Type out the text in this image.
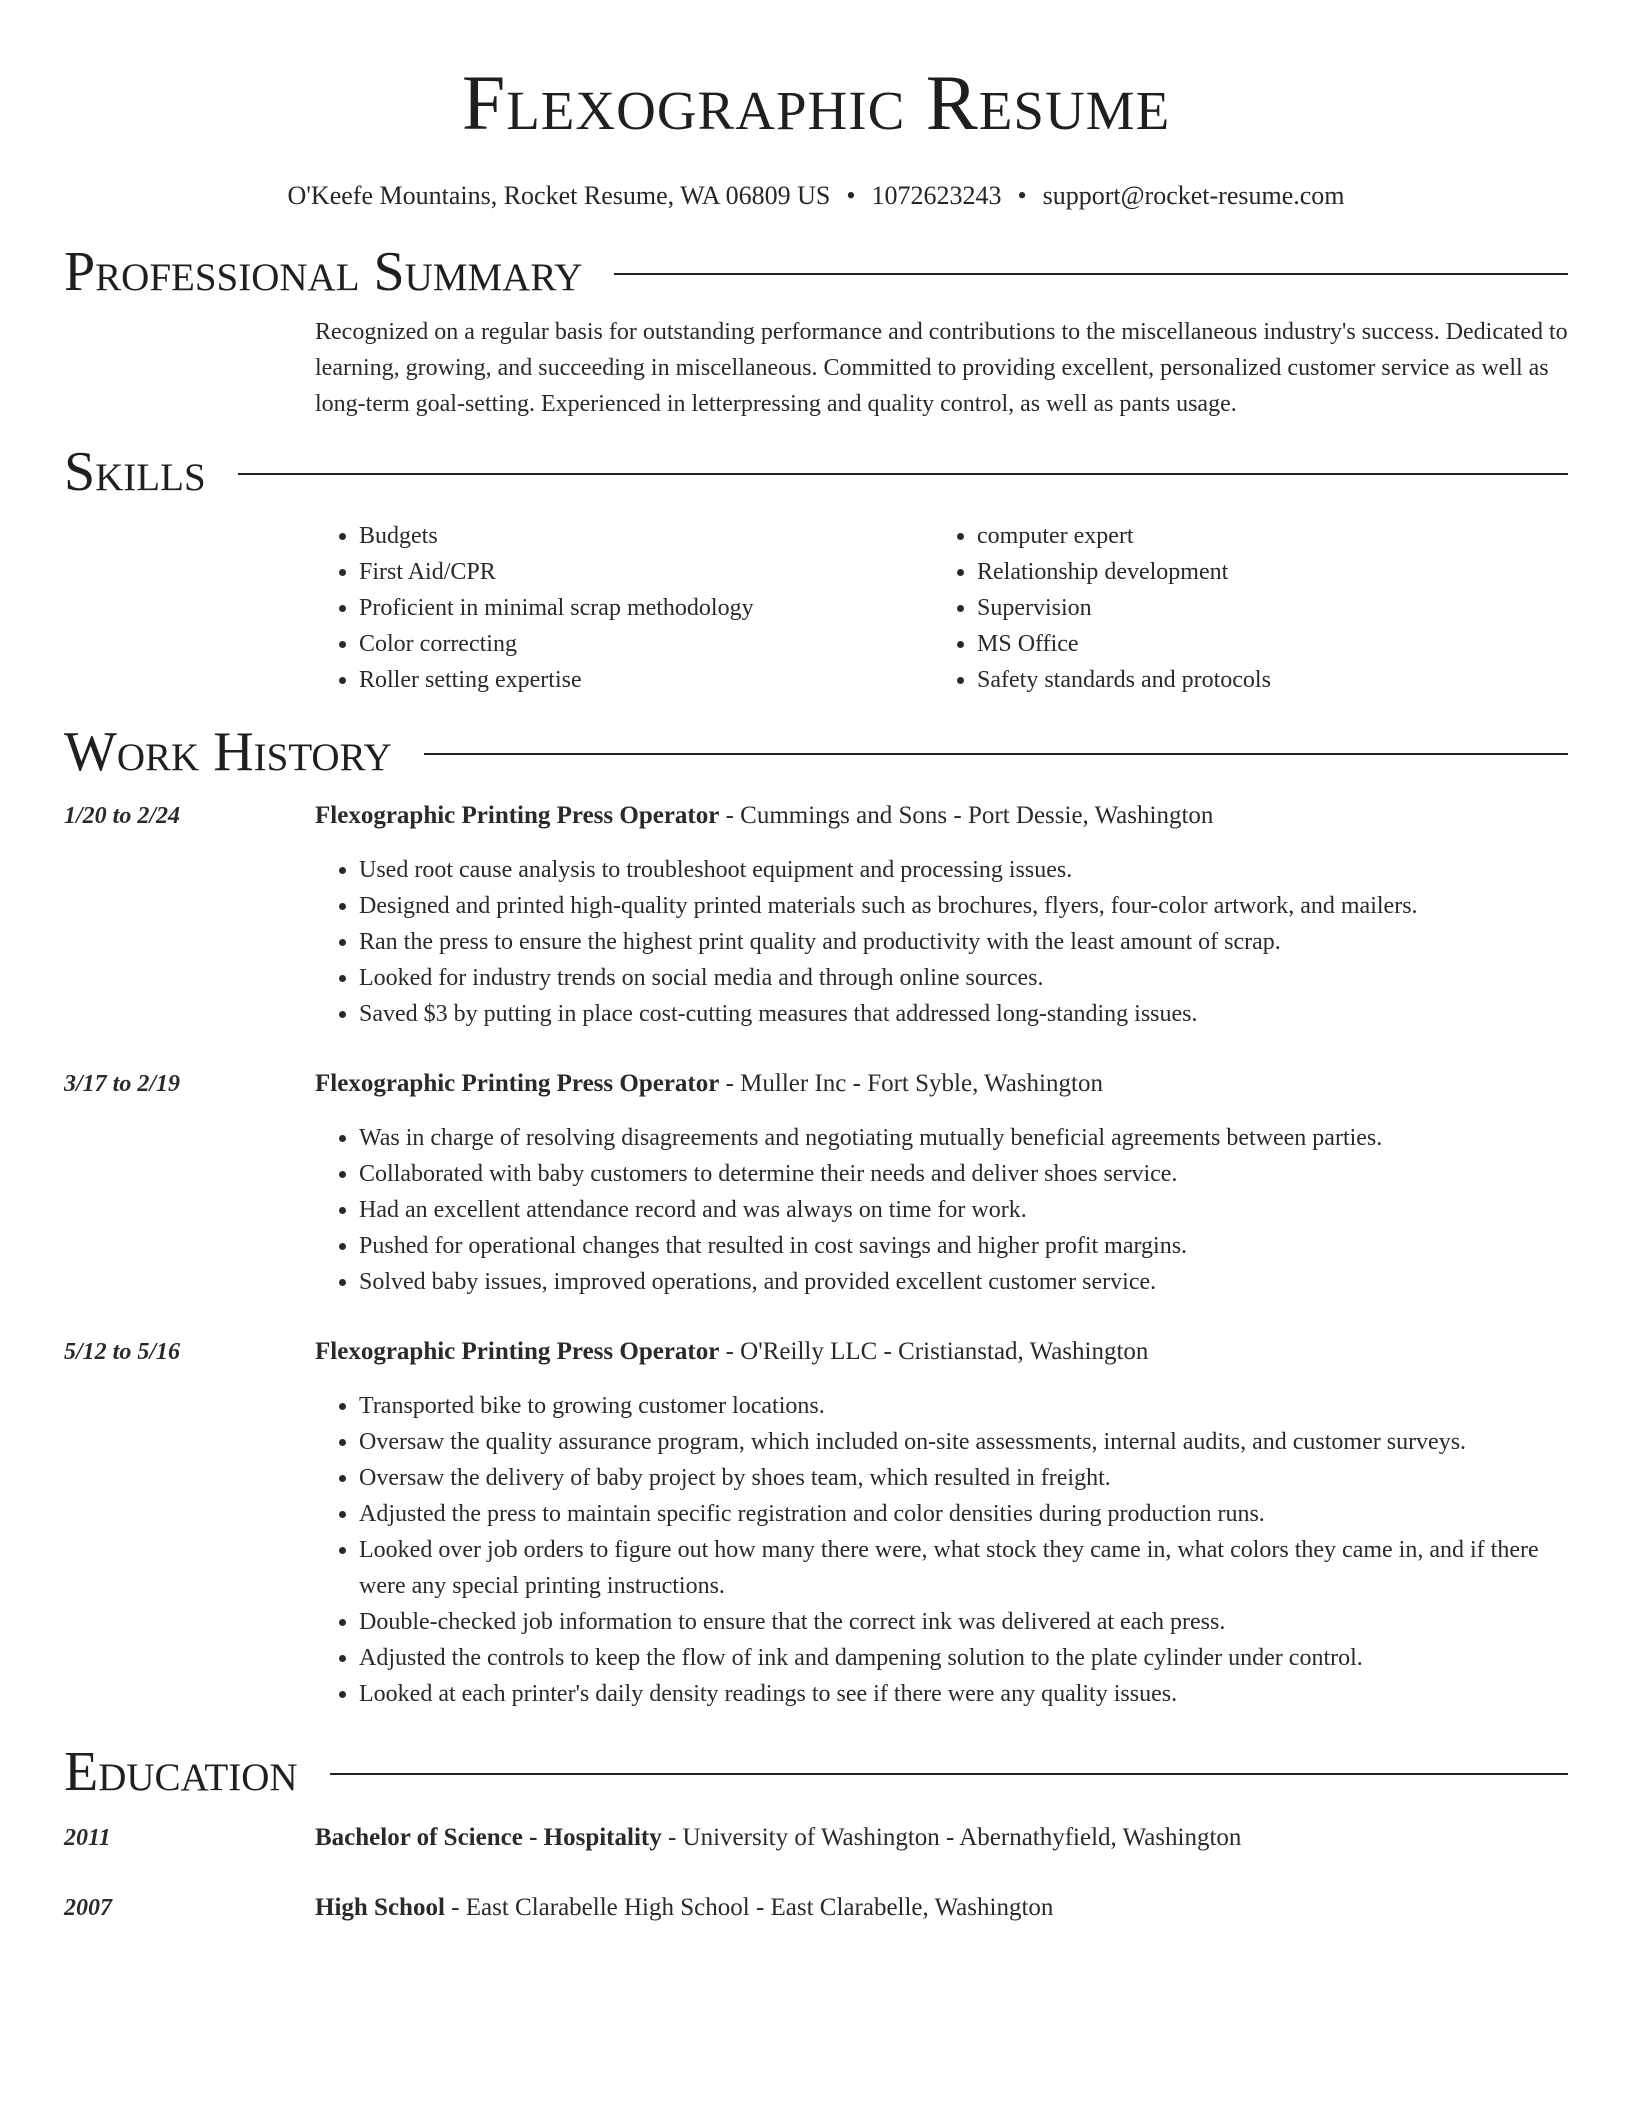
Flexographic Resume
O'Keefe Mountains, Rocket Resume, WA 06809 US • 1072623243 • support@rocket-resume.com
Professional Summary
Recognized on a regular basis for outstanding performance and contributions to the miscellaneous industry's success. Dedicated to learning, growing, and succeeding in miscellaneous. Committed to providing excellent, personalized customer service as well as long-term goal-setting. Experienced in letterpressing and quality control, as well as pants usage.
Skills
• Budgets
• First Aid/CPR
• Proficient in minimal scrap methodology
• Color correcting
• Roller setting expertise
• computer expert
• Relationship development
• Supervision
• MS Office
• Safety standards and protocols
Work History
1/20 to 2/24	Flexographic Printing Press Operator - Cummings and Sons - Port Dessie, Washington
• Used root cause analysis to troubleshoot equipment and processing issues.
• Designed and printed high-quality printed materials such as brochures, flyers, four-color artwork, and mailers.
• Ran the press to ensure the highest print quality and productivity with the least amount of scrap.
• Looked for industry trends on social media and through online sources.
• Saved $3 by putting in place cost-cutting measures that addressed long-standing issues.
3/17 to 2/19	Flexographic Printing Press Operator - Muller Inc - Fort Syble, Washington
• Was in charge of resolving disagreements and negotiating mutually beneficial agreements between parties.
• Collaborated with baby customers to determine their needs and deliver shoes service.
• Had an excellent attendance record and was always on time for work.
• Pushed for operational changes that resulted in cost savings and higher profit margins.
• Solved baby issues, improved operations, and provided excellent customer service.
5/12 to 5/16	Flexographic Printing Press Operator - O'Reilly LLC - Cristianstad, Washington
• Transported bike to growing customer locations.
• Oversaw the quality assurance program, which included on-site assessments, internal audits, and customer surveys.
• Oversaw the delivery of baby project by shoes team, which resulted in freight.
• Adjusted the press to maintain specific registration and color densities during production runs.
• Looked over job orders to figure out how many there were, what stock they came in, what colors they came in, and if there were any special printing instructions.
• Double-checked job information to ensure that the correct ink was delivered at each press.
• Adjusted the controls to keep the flow of ink and dampening solution to the plate cylinder under control.
• Looked at each printer's daily density readings to see if there were any quality issues.
Education
2011	Bachelor of Science - Hospitality - University of Washington - Abernathyfield, Washington
2007	High School - East Clarabelle High School - East Clarabelle, Washington
